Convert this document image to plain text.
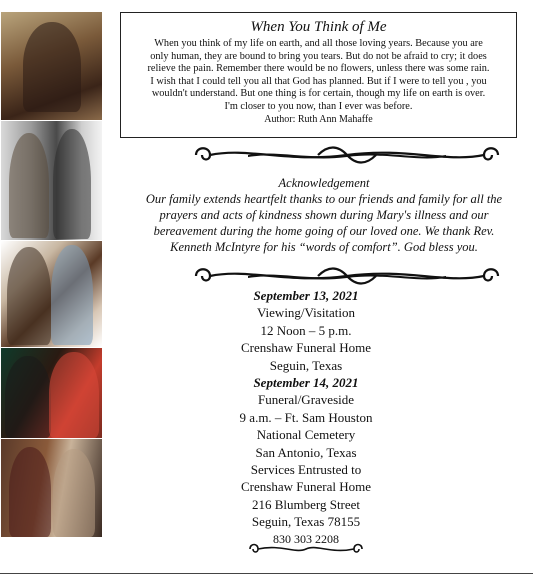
When You Think of Me
When you think of my life on earth, and all those loving years. Because you are
only human, they are bound to bring you tears. But do not be afraid to cry; it does
relieve the pain. Remember there would be no flowers, unless there was some rain.
I wish that I could tell you all that God has planned. But if I were to tell you , you
wouldn't understand. But one thing is for certain, though my life on earth is over.
I'm closer to you now, than I ever was before.
Author: Ruth Ann Mahaffe
Acknowledgement
Our family extends heartfelt thanks to our friends and family for all the
prayers and acts of kindness shown during Mary's illness and our
bereavement during the home going of our loved one. We thank Rev.
Kenneth McIntyre for his “words of comfort”. God bless you.
September 13, 2021
Viewing/Visitation
12 Noon – 5 p.m.
Crenshaw Funeral Home
Seguin, Texas
September 14, 2021
Funeral/Graveside
9 a.m. – Ft. Sam Houston
National Cemetery
San Antonio, Texas
Services Entrusted to
Crenshaw Funeral Home
216 Blumberg Street
Seguin, Texas 78155
830 303 2208
